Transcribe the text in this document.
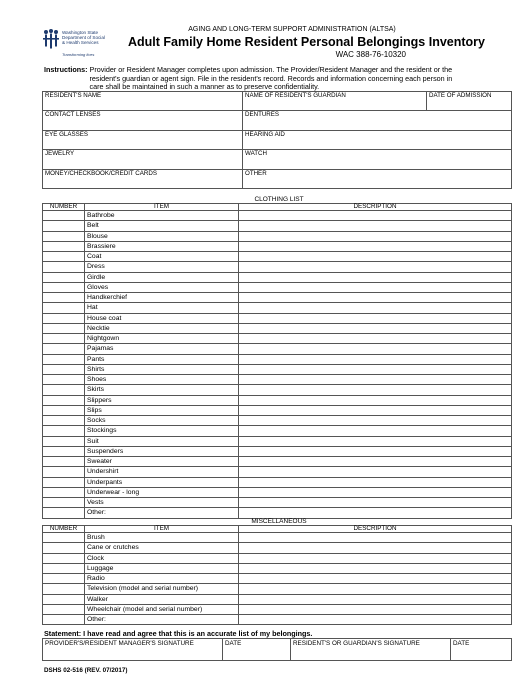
Washington State
Department of Social
& Health Services
Transforming lives
AGING AND LONG-TERM SUPPORT ADMINISTRATION (ALTSA)
Adult Family Home Resident Personal Belongings Inventory
WAC 388-76-10320
Instructions: Provider or Resident Manager completes upon admission. The Provider/Resident Manager and the resident or the
resident's guardian or agent sign. File in the resident's record. Records and information concerning each person in
care shall be maintained in such a manner as to preserve confidentiality.
RESIDENT'S NAME	NAME OF RESIDENT'S GUARDIAN	DATE OF ADMISSION
CONTACT LENSES	DENTURES	
EYE GLASSES	HEARING AID	
JEWELRY	WATCH	
MONEY/CHECKBOOK/CREDIT CARDS	OTHER	
CLOTHING LIST
NUMBER	ITEM	DESCRIPTION
	Bathrobe	
	Belt	
	Blouse	
	Brassiere	
	Coat	
	Dress	
	Girdle	
	Gloves	
	Handkerchief	
	Hat	
	House coat	
	Necktie	
	Nightgown	
	Pajamas	
	Pants	
	Shirts	
	Shoes	
	Skirts	
	Slippers	
	Slips	
	Socks	
	Stockings	
	Suit	
	Suspenders	
	Sweater	
	Undershirt	
	Underpants	
	Underwear - long	
	Vests	
	Other:	
MISCELLANEOUS
NUMBER	ITEM	DESCRIPTION
	Brush	
	Cane or crutches	
	Clock	
	Luggage	
	Radio	
	Television (model and serial number)	
	Walker	
	Wheelchair (model and serial number)	
	Other:	
Statement: I have read and agree that this is an accurate list of my belongings.
PROVIDER'S/RESIDENT MANAGER'S SIGNATURE	DATE	RESIDENT'S OR GUARDIAN'S SIGNATURE	DATE
DSHS 02-516 (REV. 07/2017)
